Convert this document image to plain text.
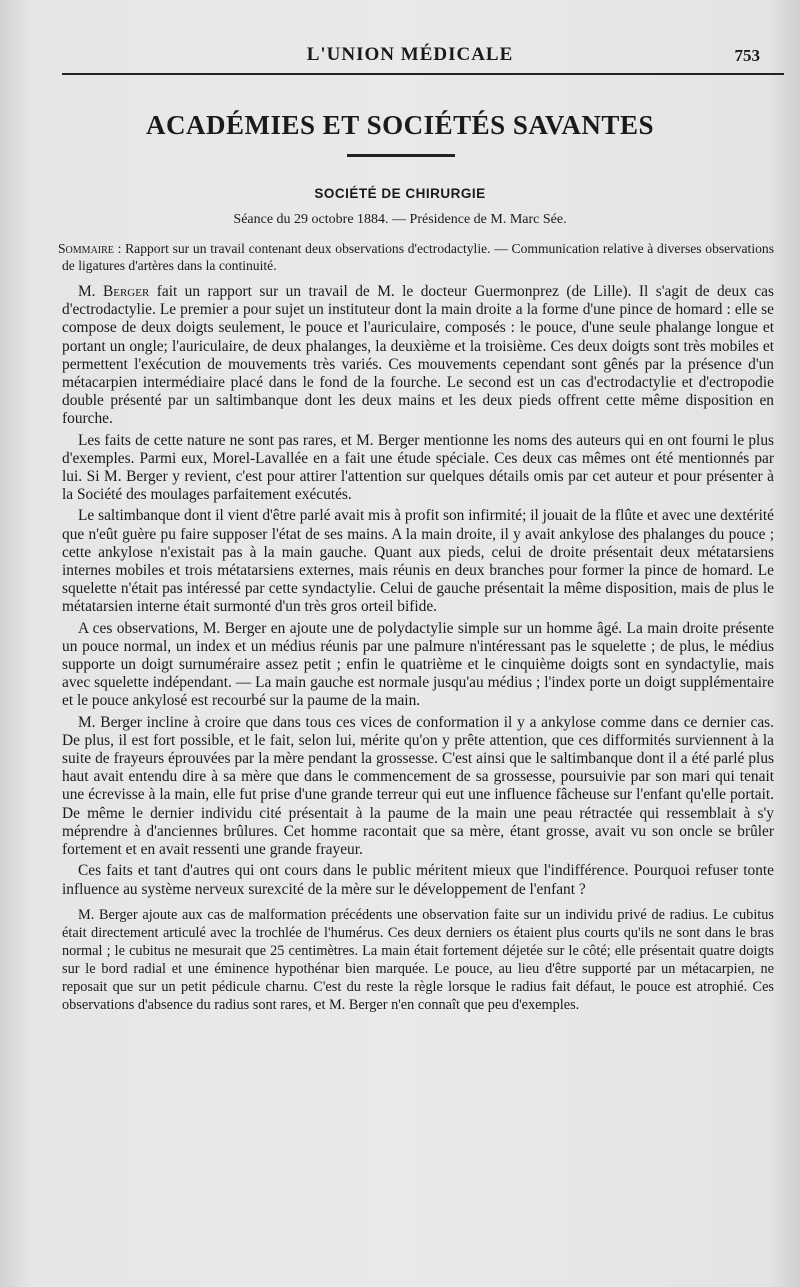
L'UNION MÉDICALE	753
ACADÉMIES ET SOCIÉTÉS SAVANTES
SOCIÉTÉ DE CHIRURGIE
Séance du 29 octobre 1884. — Présidence de M. Marc Sée.
Sommaire : Rapport sur un travail contenant deux observations d'ectrodactylie. — Communication relative à diverses observations de ligatures d'artères dans la continuité.

M. Berger fait un rapport sur un travail de M. le docteur Guermonprez (de Lille). Il s'agit de deux cas d'ectrodactylie. Le premier a pour sujet un instituteur dont la main droite a la forme d'une pince de homard : elle se compose de deux doigts seulement, le pouce et l'auriculaire, composés : le pouce, d'une seule phalange longue et portant un ongle; l'auriculaire, de deux phalanges, la deuxième et la troisième. Ces deux doigts sont très mobiles et permettent l'exécution de mouvements très variés. Ces mouvements cependant sont gênés par la présence d'un métacarpien intermédiaire placé dans le fond de la fourche. Le second est un cas d'ectrodactylie et d'ectropodie double présenté par un saltimbanque dont les deux mains et les deux pieds offrent cette même disposition en fourche.

Les faits de cette nature ne sont pas rares, et M. Berger mentionne les noms des auteurs qui en ont fourni le plus d'exemples. Parmi eux, Morel-Lavallée en a fait une étude spéciale. Ces deux cas mêmes ont été mentionnés par lui. Si M. Berger y revient, c'est pour attirer l'attention sur quelques détails omis par cet auteur et pour présenter à la Société des moulages parfaitement exécutés.

Le saltimbanque dont il vient d'être parlé avait mis à profit son infirmité; il jouait de la flûte et avec une dextérité que n'eût guère pu faire supposer l'état de ses mains. A la main droite, il y avait ankylose des phalanges du pouce ; cette ankylose n'existait pas à la main gauche. Quant aux pieds, celui de droite présentait deux métatarsiens internes mobiles et trois métatarsiens externes, mais réunis en deux branches pour former la pince de homard. Le squelette n'était pas intéressé par cette syndactylie. Celui de gauche présentait la même disposition, mais de plus le métatarsien interne était surmonté d'un très gros orteil bifide.

A ces observations, M. Berger en ajoute une de polydactylie simple sur un homme âgé. La main droite présente un pouce normal, un index et un médius réunis par une palmure n'intéressant pas le squelette ; de plus, le médius supporte un doigt surnuméraire assez petit ; enfin le quatrième et le cinquième doigts sont en syndactylie, mais avec squelette indépendant. — La main gauche est normale jusqu'au médius ; l'index porte un doigt supplémentaire et le pouce ankylosé est recourbé sur la paume de la main.

M. Berger incline à croire que dans tous ces vices de conformation il y a ankylose comme dans ce dernier cas. De plus, il est fort possible, et le fait, selon lui, mérite qu'on y prête attention, que ces difformités surviennent à la suite de frayeurs éprouvées par la mère pendant la grossesse. C'est ainsi que le saltimbanque dont il a été parlé plus haut avait entendu dire à sa mère que dans le commencement de sa grossesse, poursuivie par son mari qui tenait une écrevisse à la main, elle fut prise d'une grande terreur qui eut une influence fâcheuse sur l'enfant qu'elle portait. De même le dernier individu cité présentait à la paume de la main une peau rétractée qui ressemblait à s'y méprendre à d'anciennes brûlures. Cet homme racontait que sa mère, étant grosse, avait vu son oncle se brûler fortement et en avait ressenti une grande frayeur.

Ces faits et tant d'autres qui ont cours dans le public méritent mieux que l'indifférence. Pourquoi refuser tonte influence au système nerveux surexcité de la mère sur le développement de l'enfant ?

M. Berger ajoute aux cas de malformation précédents une observation faite sur un individu privé de radius. Le cubitus était directement articulé avec la trochlée de l'humérus. Ces deux derniers os étaient plus courts qu'ils ne sont dans le bras normal ; le cubitus ne mesurait que 25 centimètres. La main était fortement déjetée sur le côté; elle présentait quatre doigts sur le bord radial et une éminence hypothénar bien marquée. Le pouce, au lieu d'être supporté par un métacarpien, ne reposait que sur un petit pédicule charnu. C'est du reste la règle lorsque le radius fait défaut, le pouce est atrophié. Ces observations d'absence du radius sont rares, et M. Berger n'en connaît que peu d'exemples.
